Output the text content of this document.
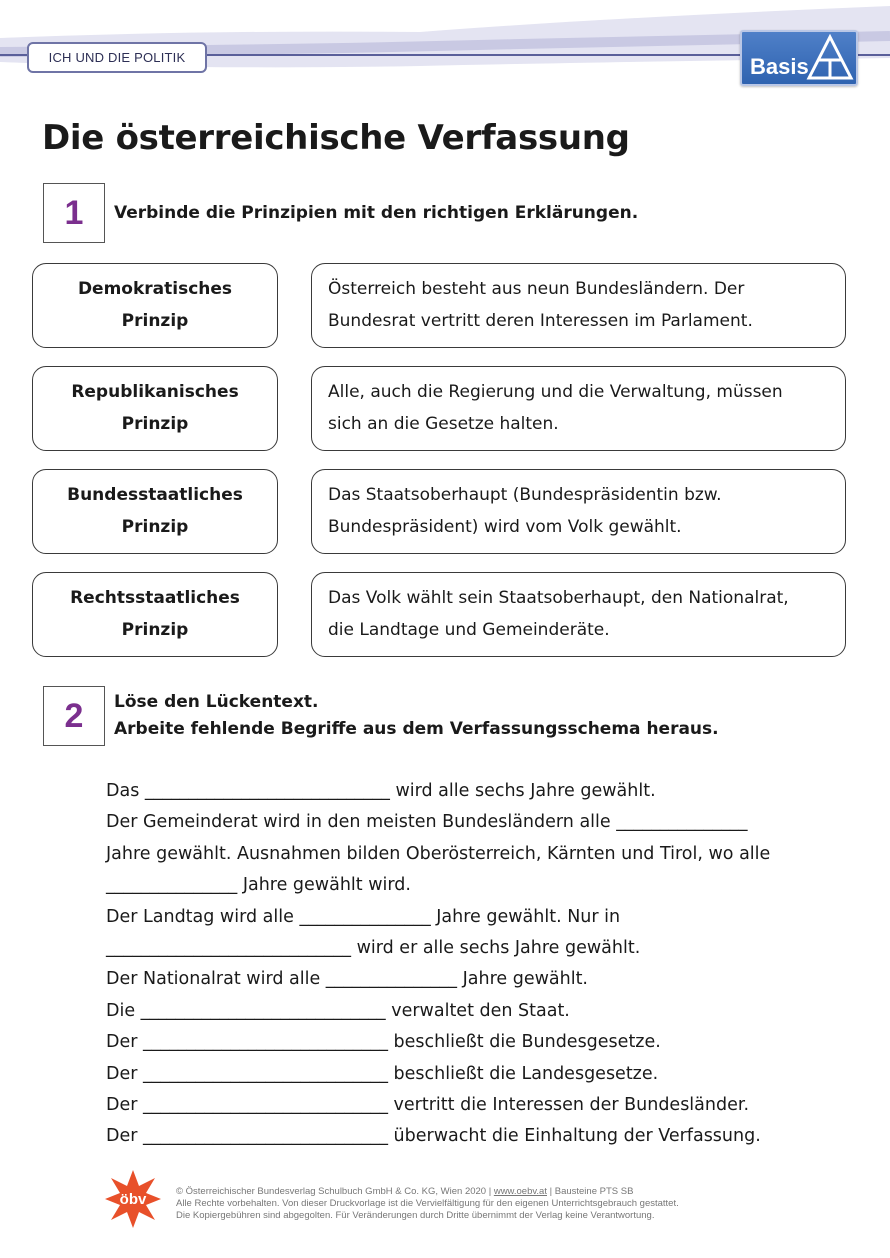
ICH UND DIE POLITIK	Basis
Die österreichische Verfassung
1	Verbinde die Prinzipien mit den richtigen Erklärungen.
Demokratisches
Prinzip
Republikanisches
Prinzip
Bundesstaatliches
Prinzip
Rechtsstaatliches
Prinzip
Österreich besteht aus neun Bundesländern. Der
Bundesrat vertritt deren Interessen im Parlament.
Alle, auch die Regierung und die Verwaltung, müssen
sich an die Gesetze halten.
Das Staatsoberhaupt (Bundespräsidentin bzw.
Bundespräsident) wird vom Volk gewählt.
Das Volk wählt sein Staatsoberhaupt, den Nationalrat,
die Landtage und Gemeinderäte.
2	Löse den Lückentext.
Arbeite fehlende Begriffe aus dem Verfassungsschema heraus.
Das ____________________________ wird alle sechs Jahre gewählt.
Der Gemeinderat wird in den meisten Bundesländern alle _______________
Jahre gewählt. Ausnahmen bilden Oberösterreich, Kärnten und Tirol, wo alle
_______________ Jahre gewählt wird.
Der Landtag wird alle _______________ Jahre gewählt. Nur in
____________________________ wird er alle sechs Jahre gewählt.
Der Nationalrat wird alle _______________ Jahre gewählt.
Die ____________________________ verwaltet den Staat.
Der ____________________________ beschließt die Bundesgesetze.
Der ____________________________ beschließt die Landesgesetze.
Der ____________________________ vertritt die Interessen der Bundesländer.
Der ____________________________ überwacht die Einhaltung der Verfassung.
öbv	© Österreichischer Bundesverlag Schulbuch GmbH & Co. KG, Wien 2020 | www.oebv.at | Bausteine PTS SB
Alle Rechte vorbehalten. Von dieser Druckvorlage ist die Vervielfältigung für den eigenen Unterrichtsgebrauch gestattet.
Die Kopiergebühren sind abgegolten. Für Veränderungen durch Dritte übernimmt der Verlag keine Verantwortung.
